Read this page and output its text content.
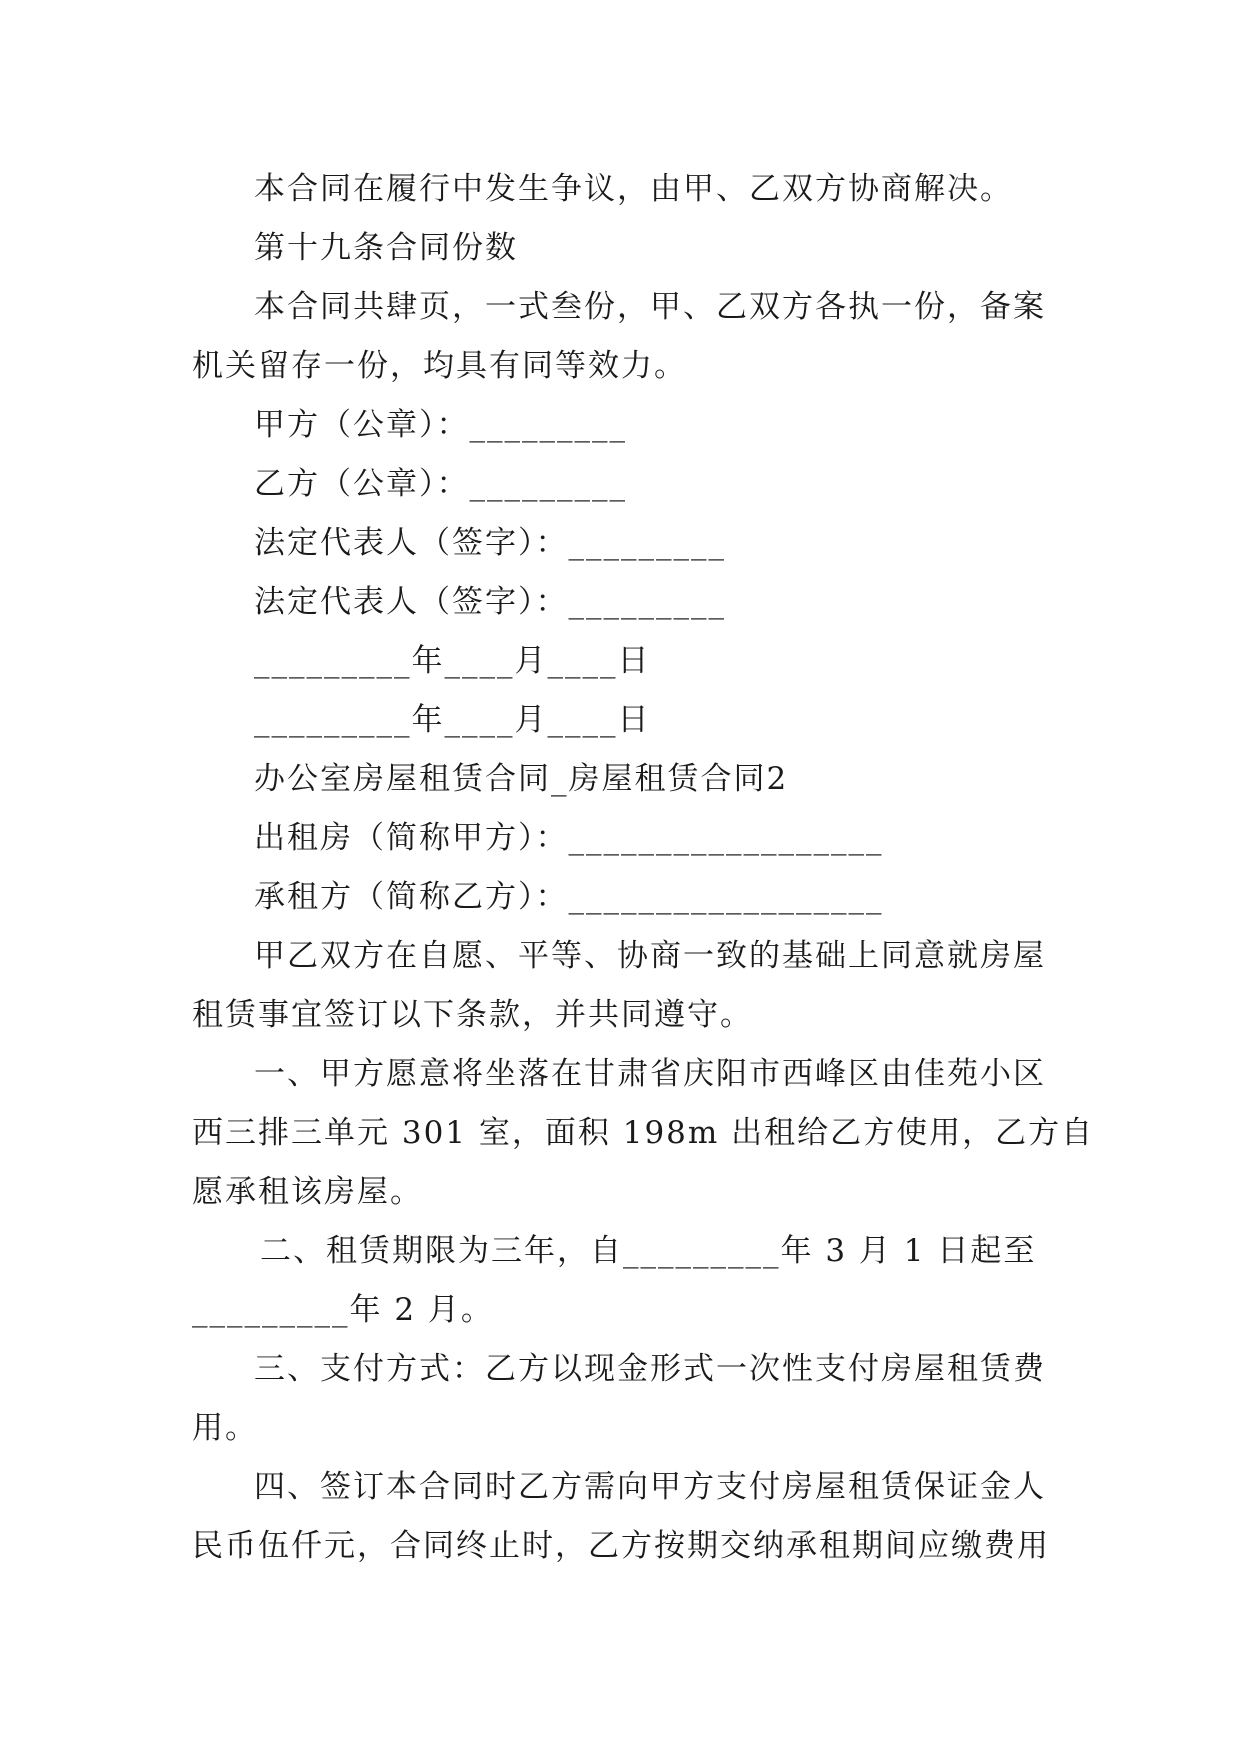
本合同在履行中发生争议，由甲、乙双方协商解决。
第十九条合同份数
本合同共肆页，一式叁份，甲、乙双方各执一份，备案
机关留存一份，均具有同等效力。
甲方（公章）：_________
乙方（公章）：_________
法定代表人（签字）：_________
法定代表人（签字）：_________
_________年____月____日
_________年____月____日
办公室房屋租赁合同_房屋租赁合同2
出租房（简称甲方）：__________________
承租方（简称乙方）：__________________
甲乙双方在自愿、平等、协商一致的基础上同意就房屋
租赁事宜签订以下条款，并共同遵守。
一、甲方愿意将坐落在甘肃省庆阳市西峰区由佳苑小区
西三排三单元 301 室，面积 198m 出租给乙方使用，乙方自
愿承租该房屋。
二、租赁期限为三年，自_________年 3 月 1 日起至
_________年 2 月。
三、支付方式：乙方以现金形式一次性支付房屋租赁费
用。
四、签订本合同时乙方需向甲方支付房屋租赁保证金人
民币伍仟元，合同终止时，乙方按期交纳承租期间应缴费用
